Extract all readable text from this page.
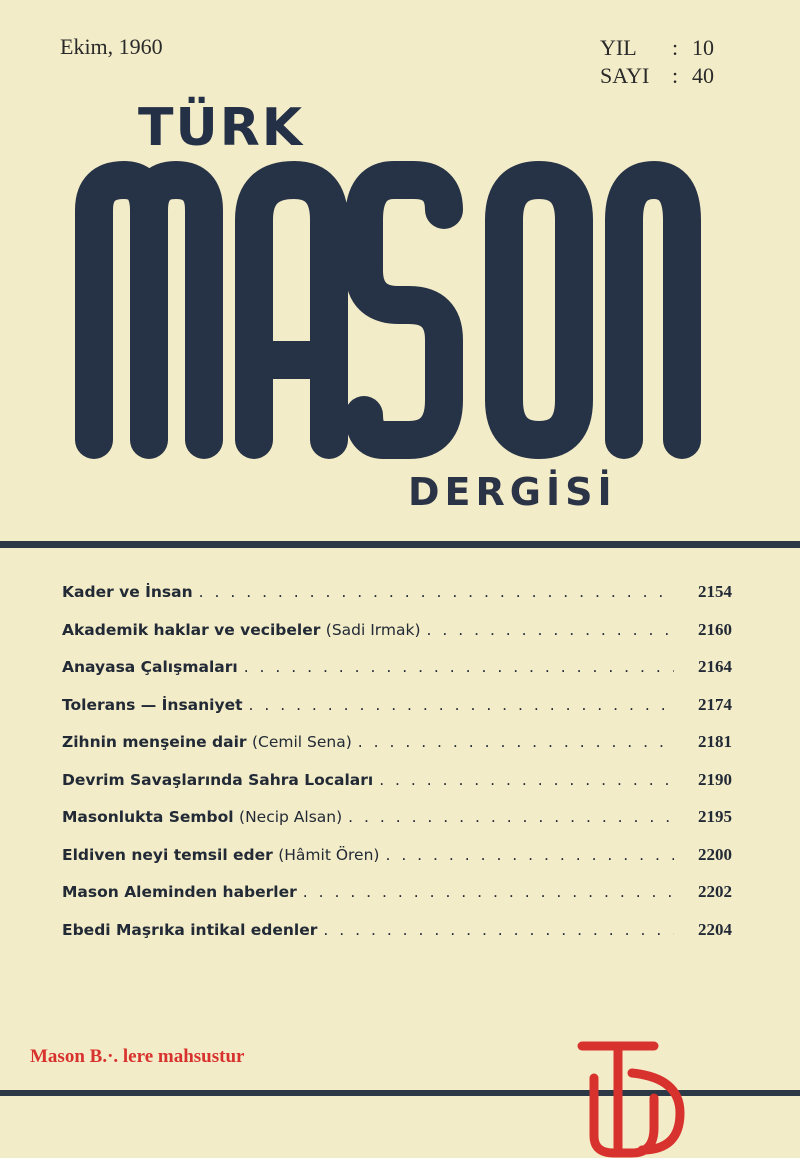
Ekim, 1960	YIL	: 10
SAYI	: 40
TÜRK
DERGİSİ
Kader ve İnsan . . .	2154
Akademik haklar ve vecibeler (Sadi Irmak) . . .	2160
Anayasa Çalışmaları . . .	2164
Tolerans — İnsaniyet . . .	2174
Zihnin menşeine dair (Cemil Sena) . . .	2181
Devrim Savaşlarında Sahra Locaları . . .	2190
Masonlukta Sembol (Necip Alsan) . . .	2195
Eldiven neyi temsil eder (Hâmit Ören) . . .	2200
Mason Aleminden haberler . . .	2202
Ebedi Maşrıka intikal edenler . . .	2204
Mason B.·. lere mahsustur
